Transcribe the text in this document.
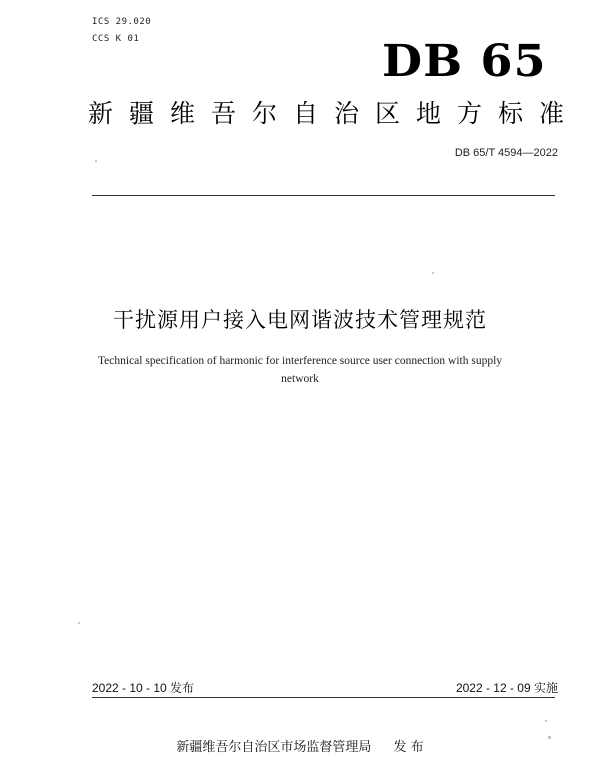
ICS 29.020
CCS K 01	DB 65
新疆维吾尔自治区地方标准
DB 65/T 4594—2022
干扰源用户接入电网谐波技术管理规范
Technical specification of harmonic for interference source user connection with supply network
2022 - 10 - 10 发布	2022 - 12 - 09 实施
新疆维吾尔自治区市场监督管理局 发 布
